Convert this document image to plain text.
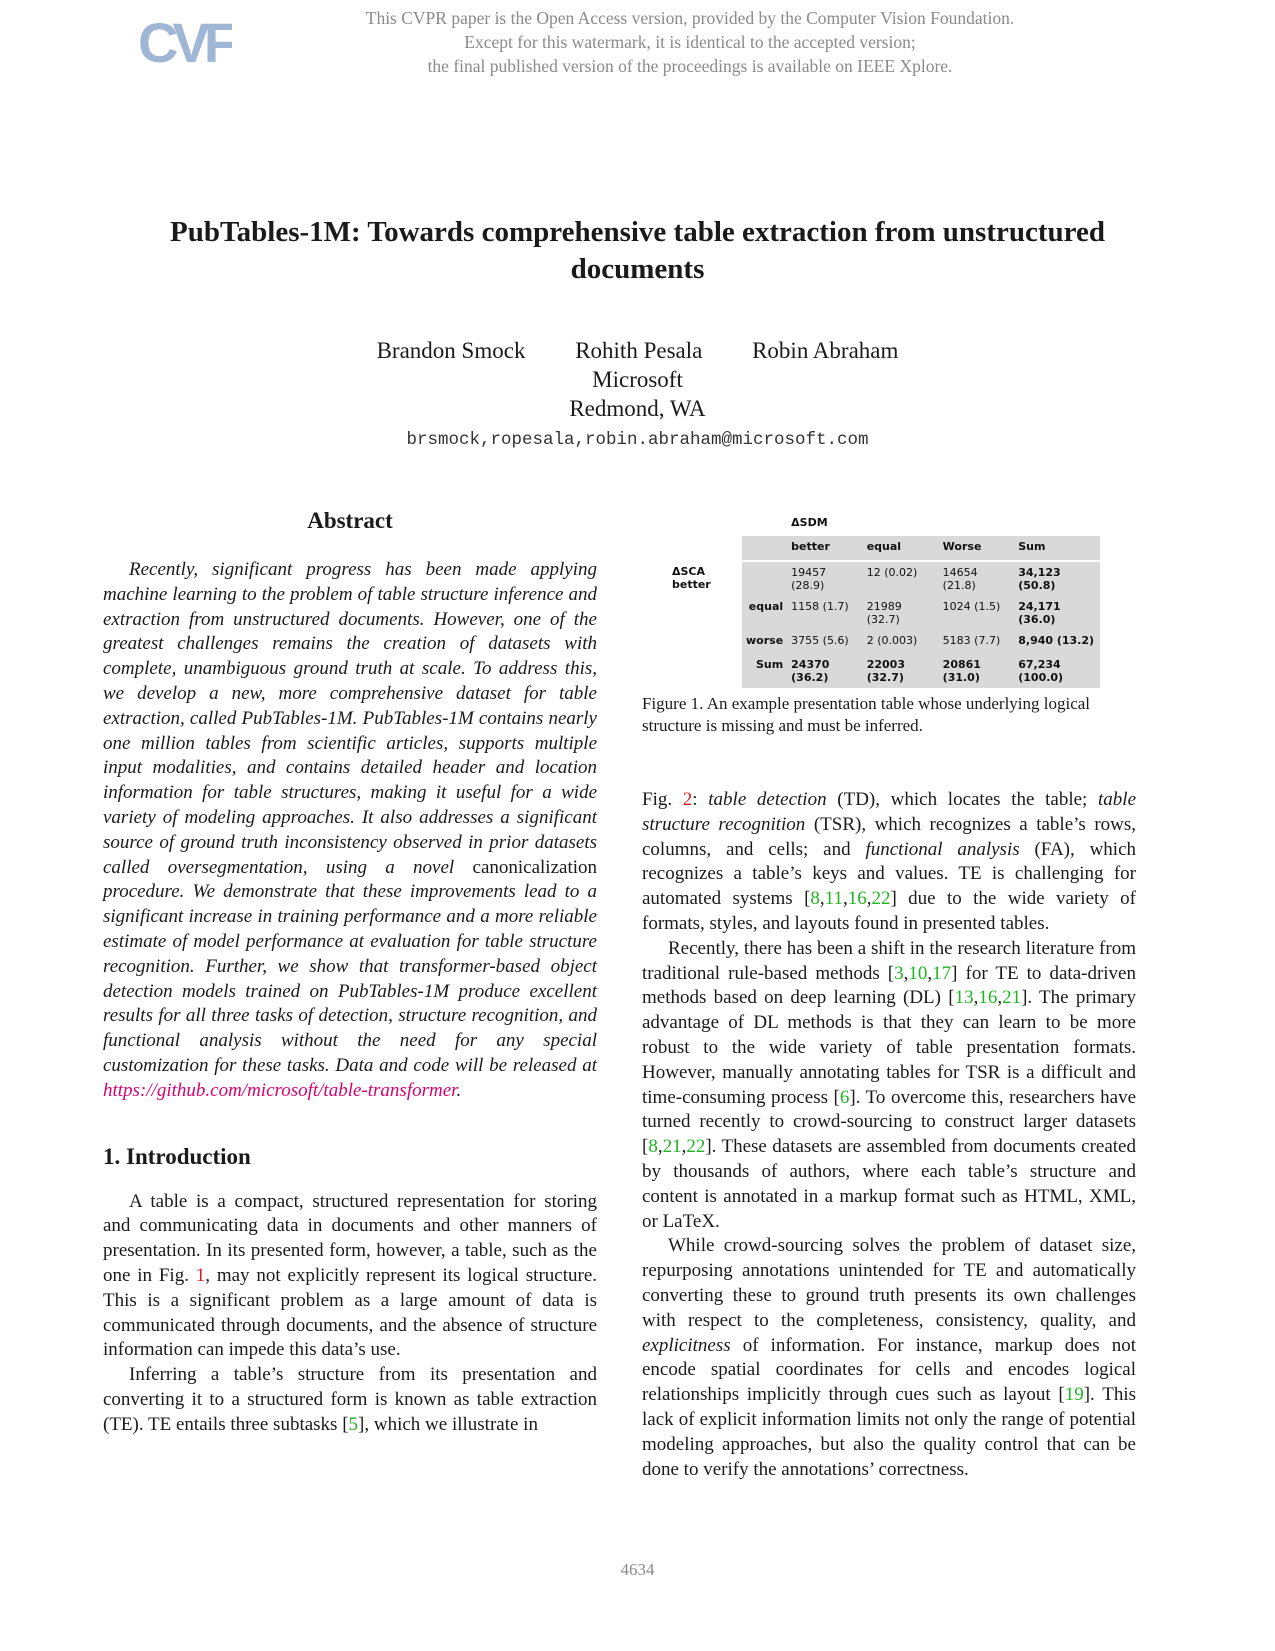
CVF	This CVPR paper is the Open Access version, provided by the Computer Vision Foundation.
Except for this watermark, it is identical to the accepted version;
the final published version of the proceedings is available on IEEE Xplore.
PubTables-1M: Towards comprehensive table extraction from unstructured documents
Brandon Smock Rohith Pesala Robin Abraham
Microsoft
Redmond, WA
brsmock,ropesala,robin.abraham@microsoft.com
Abstract

Recently, significant progress has been made applying machine learning to the problem of table structure inference and extraction from unstructured documents. However, one of the greatest challenges remains the creation of datasets with complete, unambiguous ground truth at scale. To address this, we develop a new, more comprehensive dataset for table extraction, called PubTables-1M. PubTables-1M contains nearly one million tables from scientific articles, supports multiple input modalities, and contains detailed header and location information for table structures, making it useful for a wide variety of modeling approaches. It also addresses a significant source of ground truth inconsistency observed in prior datasets called oversegmentation, using a novel canonicalization procedure. We demonstrate that these improvements lead to a significant increase in training performance and a more reliable estimate of model performance at evaluation for table structure recognition. Further, we show that transformer-based object detection models trained on PubTables-1M produce excellent results for all three tasks of detection, structure recognition, and functional analysis without the need for any special customization for these tasks. Data and code will be released at https://github.com/microsoft/table-transformer.

1. Introduction

A table is a compact, structured representation for storing and communicating data in documents and other manners of presentation. In its presented form, however, a table, such as the one in Fig. 1, may not explicitly represent its logical structure. This is a significant problem as a large amount of data is communicated through documents, and the absence of structure information can impede this data’s use.

Inferring a table’s structure from its presentation and converting it to a structured form is known as table extraction (TE). TE entails three subtasks [5], which we illustrate in

		ΔSDM			
		better	equal	Worse	Sum
ΔSCA better		19457 (28.9)	12 (0.02)	14654 (21.8)	34,123 (50.8)
	equal	1158 (1.7)	21989 (32.7)	1024 (1.5)	24,171 (36.0)
	worse	3755 (5.6)	2 (0.003)	5183 (7.7)	8,940 (13.2)
	Sum	24370 (36.2)	22003 (32.7)	20861 (31.0)	67,234 (100.0)
Figure 1. An example presentation table whose underlying logical structure is missing and must be inferred.

Fig. 2: table detection (TD), which locates the table; table structure recognition (TSR), which recognizes a table’s rows, columns, and cells; and functional analysis (FA), which recognizes a table’s keys and values. TE is challenging for automated systems [8,11,16,22] due to the wide variety of formats, styles, and layouts found in presented tables.

Recently, there has been a shift in the research literature from traditional rule-based methods [3,10,17] for TE to data-driven methods based on deep learning (DL) [13,16,21]. The primary advantage of DL methods is that they can learn to be more robust to the wide variety of table presentation formats. However, manually annotating tables for TSR is a difficult and time-consuming process [6]. To overcome this, researchers have turned recently to crowd-sourcing to construct larger datasets [8,21,22]. These datasets are assembled from documents created by thousands of authors, where each table’s structure and content is annotated in a markup format such as HTML, XML, or LaTeX.

While crowd-sourcing solves the problem of dataset size, repurposing annotations unintended for TE and automatically converting these to ground truth presents its own challenges with respect to the completeness, consistency, quality, and explicitness of information. For instance, markup does not encode spatial coordinates for cells and encodes logical relationships implicitly through cues such as layout [19]. This lack of explicit information limits not only the range of potential modeling approaches, but also the quality control that can be done to verify the annotations’ correctness.

4634
